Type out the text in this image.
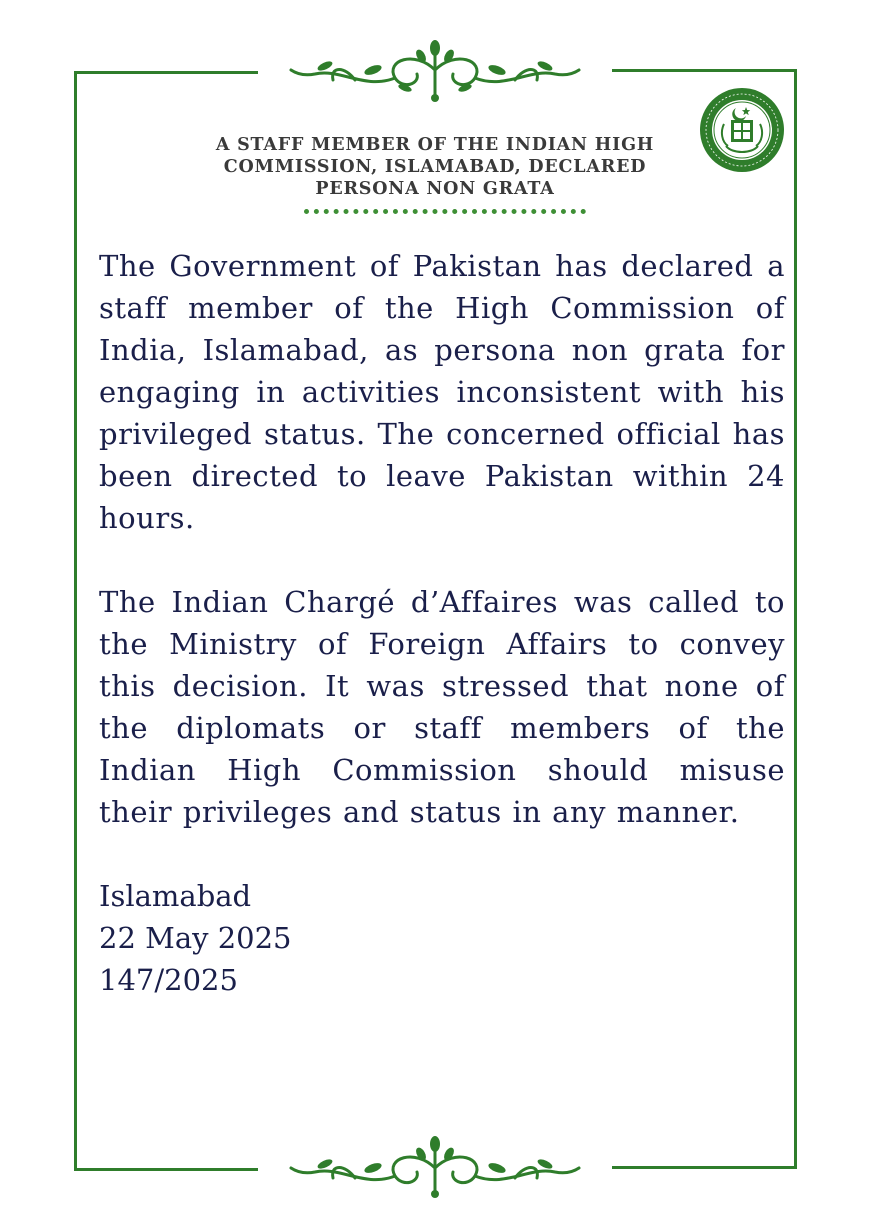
A STAFF MEMBER OF THE INDIAN HIGH
COMMISSION, ISLAMABAD, DECLARED
PERSONA NON GRATA

The Government of Pakistan has declared a staff member of the High Commission of India, Islamabad, as persona non grata for engaging in activities inconsistent with his privileged status. The concerned official has been directed to leave Pakistan within 24 hours.

The Indian Chargé d’Affaires was called to the Ministry of Foreign Affairs to convey this decision. It was stressed that none of the diplomats or staff members of the Indian High Commission should misuse their privileges and status in any manner.

Islamabad
22 May 2025
147/2025
